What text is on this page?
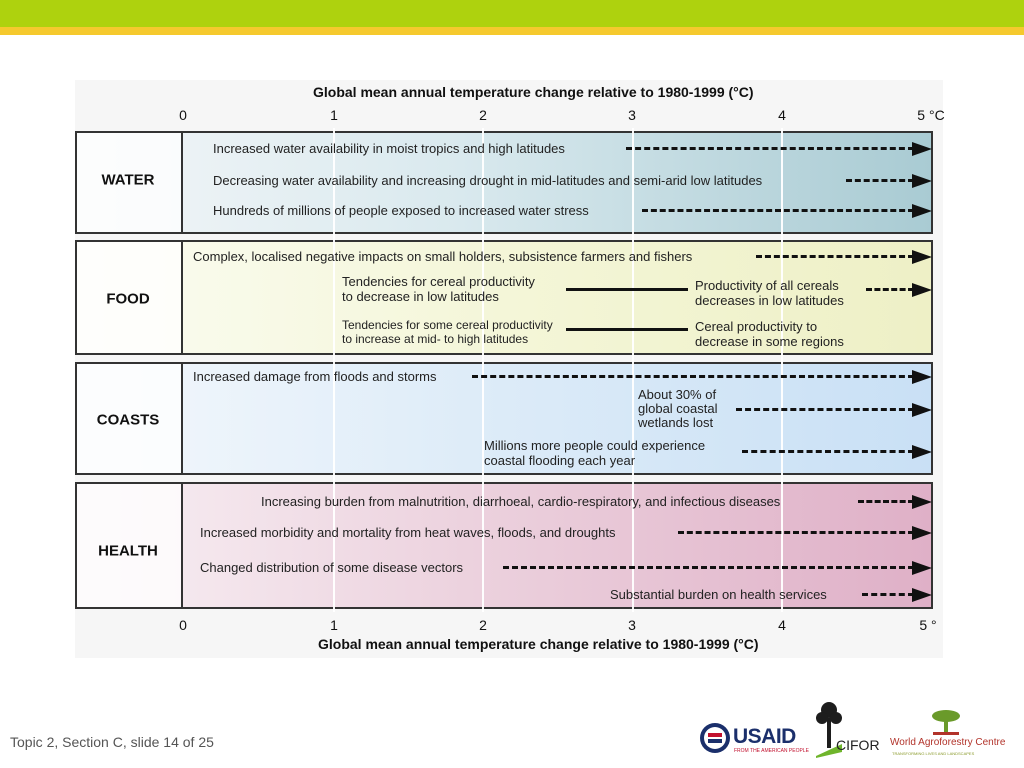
Global mean annual temperature change relative to 1980-1999 (°C)
0	1	2	3	4	5 °C
WATER
FOOD
COASTS
HEALTH
Increased water availability in moist tropics and high latitudes
Decreasing water availability and increasing drought in mid-latitudes and semi-arid low latitudes
Hundreds of millions of people exposed to increased water stress
Complex, localised negative impacts on small holders, subsistence farmers and fishers
Tendencies for cereal productivity
to decrease in low latitudes
Productivity of all cereals
decreases in low latitudes
Tendencies for some cereal productivity
to increase at mid- to high latitudes
Cereal productivity to
decrease in some regions
Increased damage from floods and storms
About 30% of
global coastal
wetlands lost
Millions more people could experience
coastal flooding each year
Increasing burden from malnutrition, diarrhoeal, cardio-respiratory, and infectious diseases
Increased morbidity and mortality from heat waves, floods, and droughts
Changed distribution of some disease vectors
Substantial burden on health services
0	1	2	3	4	5 °
Global mean annual temperature change relative to 1980-1999 (°C)
Topic 2, Section C, slide 14 of 25	USAID
FROM THE AMERICAN PEOPLE CIFOR World Agroforestry Centre
TRANSFORMING LIVES AND LANDSCAPES
